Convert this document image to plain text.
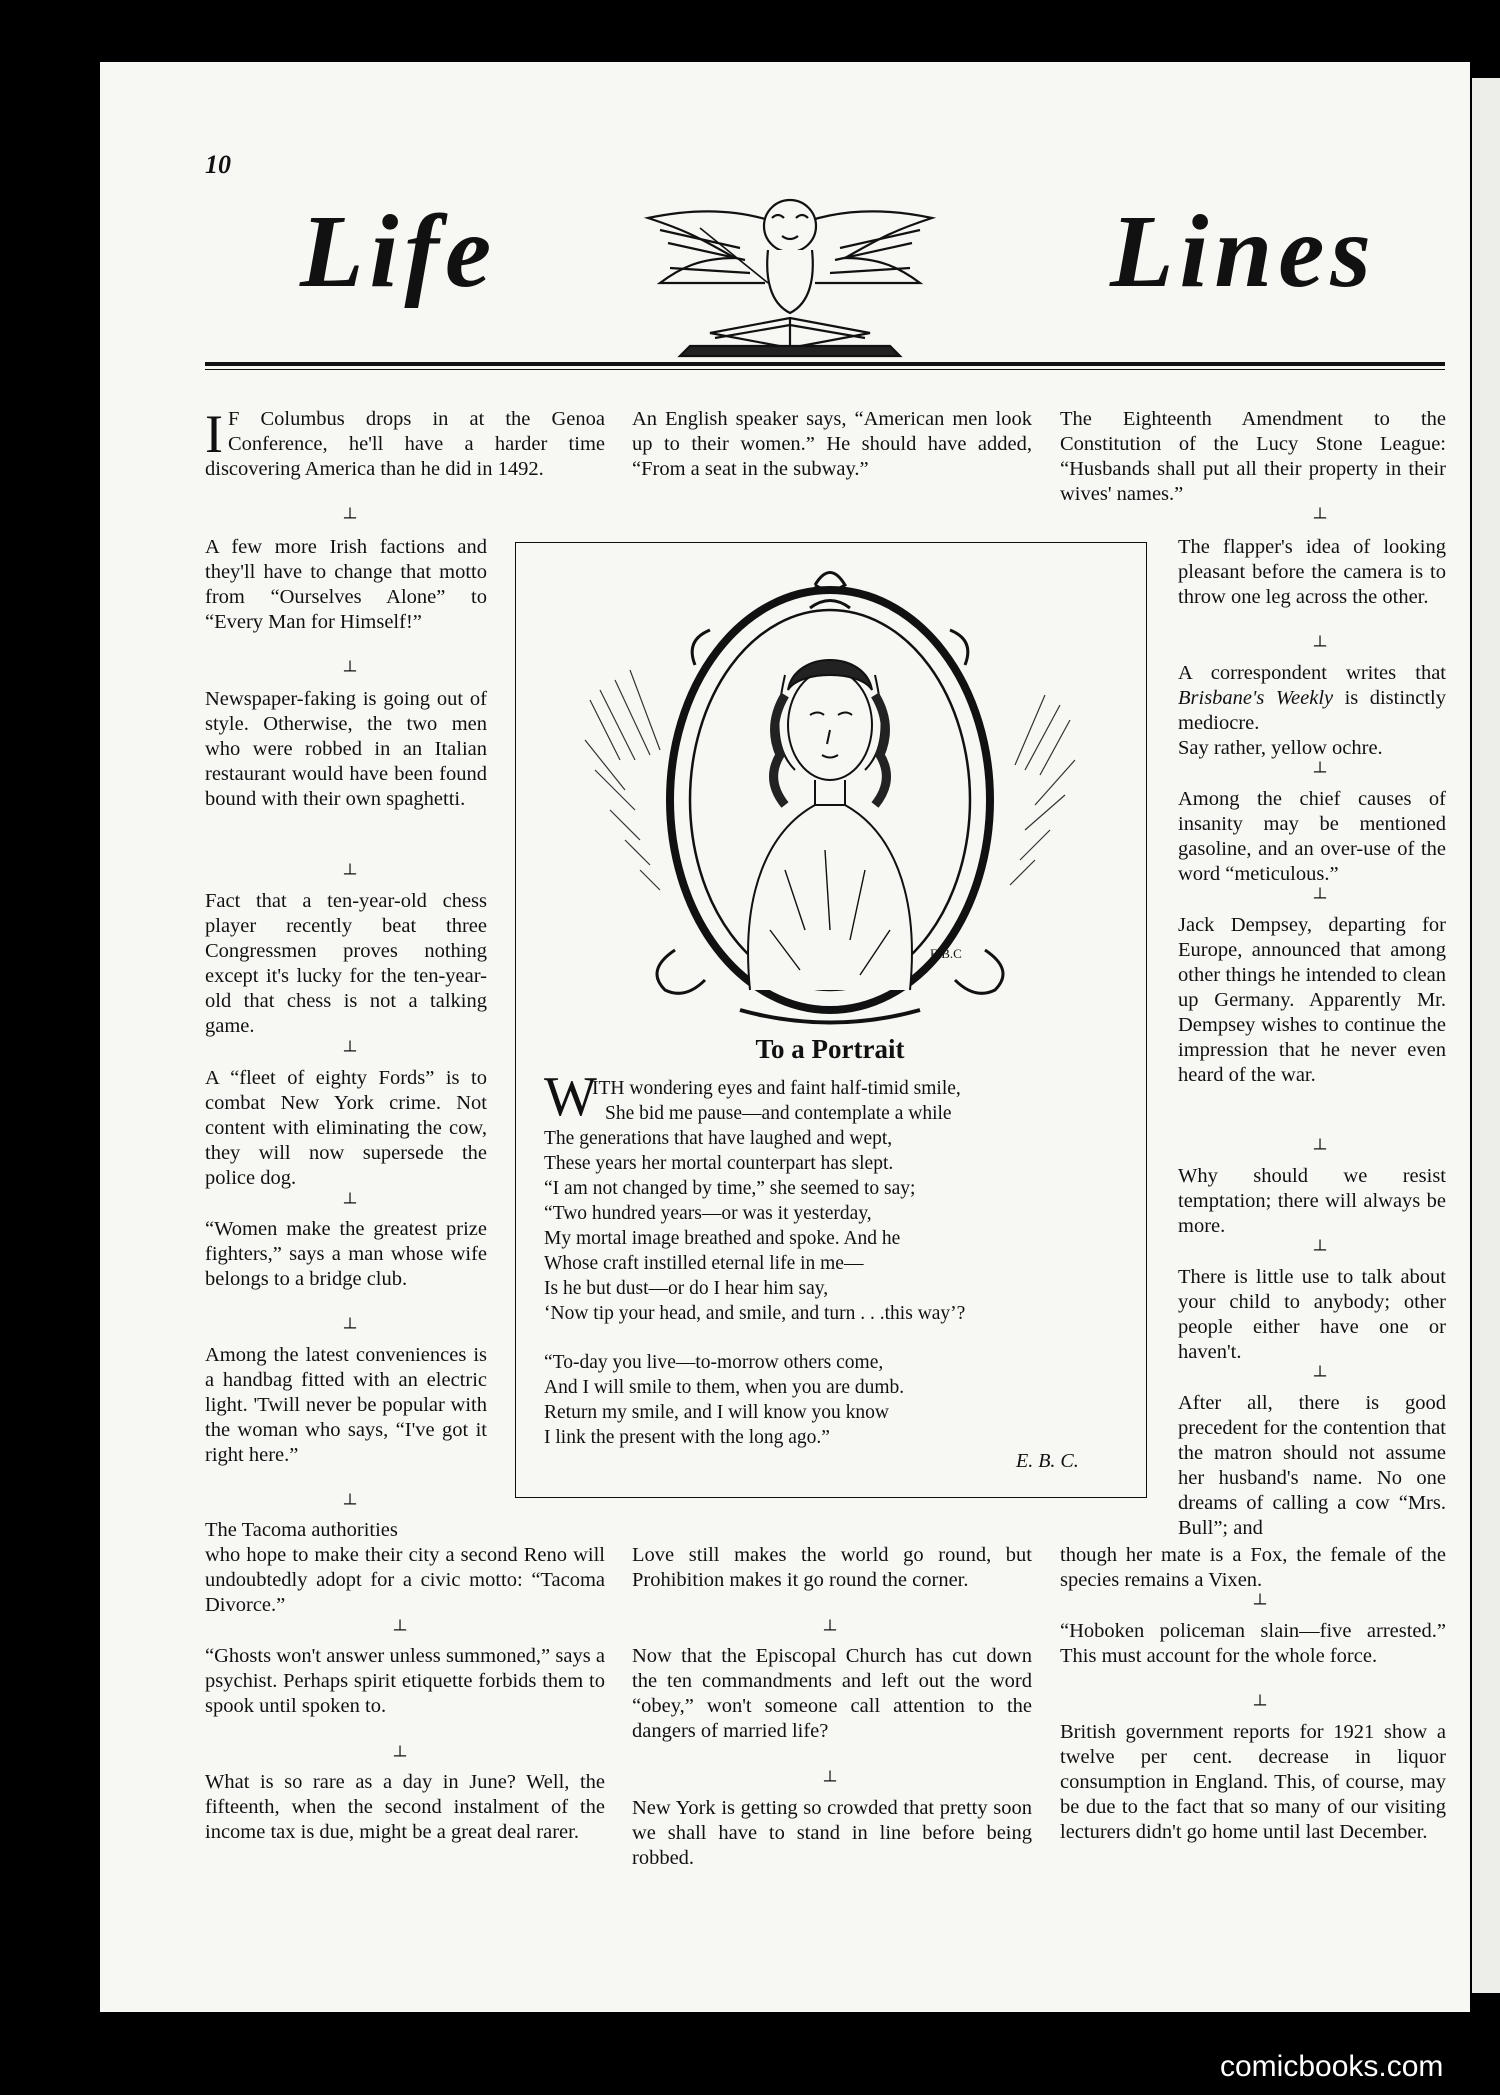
10
Life	Lines

I F Columbus drops in at the Genoa Conference, he'll have a harder time discovering America than he did in 1492.

┴

A few more Irish factions and they'll have to change that motto from “Ourselves Alone” to “Every Man for Himself!”

┴

Newspaper-faking is going out of style. Otherwise, the two men who were robbed in an Italian restaurant would have been found bound with their own spaghetti.

┴

Fact that a ten-year-old chess player recently beat three Congressmen proves nothing except it's lucky for the ten-year-old that chess is not a talking game.

┴

A “fleet of eighty Fords” is to combat New York crime. Not content with eliminating the cow, they will now supersede the police dog.

┴

“Women make the greatest prize fighters,” says a man whose wife belongs to a bridge club.

┴

Among the latest conveniences is a handbag fitted with an electric light. 'Twill never be popular with the woman who says, “I've got it right here.”

┴

The Tacoma authorities

who hope to make their city a second Reno will undoubtedly adopt for a civic motto: “Tacoma Divorce.”

┴

“Ghosts won't answer unless summoned,” says a psychist. Perhaps spirit etiquette forbids them to spook until spoken to.

┴

What is so rare as a day in June? Well, the fifteenth, when the second instalment of the income tax is due, might be a great deal rarer.

An English speaker says, “American men look up to their women.” He should have added, “From a seat in the subway.”

Love still makes the world go round, but Prohibition makes it go round the corner.

┴

Now that the Episcopal Church has cut down the ten commandments and left out the word “obey,” won't someone call attention to the dangers of married life?

┴

New York is getting so crowded that pretty soon we shall have to stand in line before being robbed.

The Eighteenth Amendment to the Constitution of the Lucy Stone League: “Husbands shall put all their property in their wives' names.”

┴

The flapper's idea of looking pleasant before the camera is to throw one leg across the other.

┴

A correspondent writes that Brisbane's Weekly is distinctly mediocre.
Say rather, yellow ochre.

┴

Among the chief causes of insanity may be mentioned gasoline, and an over-use of the word “meticulous.”

┴

Jack Dempsey, departing for Europe, announced that among other things he intended to clean up Germany. Apparently Mr. Dempsey wishes to continue the impression that he never even heard of the war.

┴

Why should we resist temptation; there will always be more.

┴

There is little use to talk about your child to anybody; other people either have one or haven't.

┴

After all, there is good precedent for the contention that the matron should not assume her husband's name. No one dreams of calling a cow “Mrs. Bull”; and

though her mate is a Fox, the female of the species remains a Vixen.

┴

“Hoboken policeman slain—five arrested.” This must account for the whole force.

┴

British government reports for 1921 show a twelve per cent. decrease in liquor consumption in England. This, of course, may be due to the fact that so many of our visiting lecturers didn't go home until last December.

E.B.C
To a Portrait
W
ITH wondering eyes and faint half-timid smile,
She bid me pause—and contemplate a while
The generations that have laughed and wept,
These years her mortal counterpart has slept.
“I am not changed by time,” she seemed to say;
“Two hundred years—or was it yesterday,
My mortal image breathed and spoke. And he
Whose craft instilled eternal life in me—
Is he but dust—or do I hear him say,
‘Now tip your head, and smile, and turn . . .this way’?
“To-day you live—to-morrow others come,
And I will smile to them, when you are dumb.
Return my smile, and I will know you know
I link the present with the long ago.”
E. B. C.
comicbooks.com
